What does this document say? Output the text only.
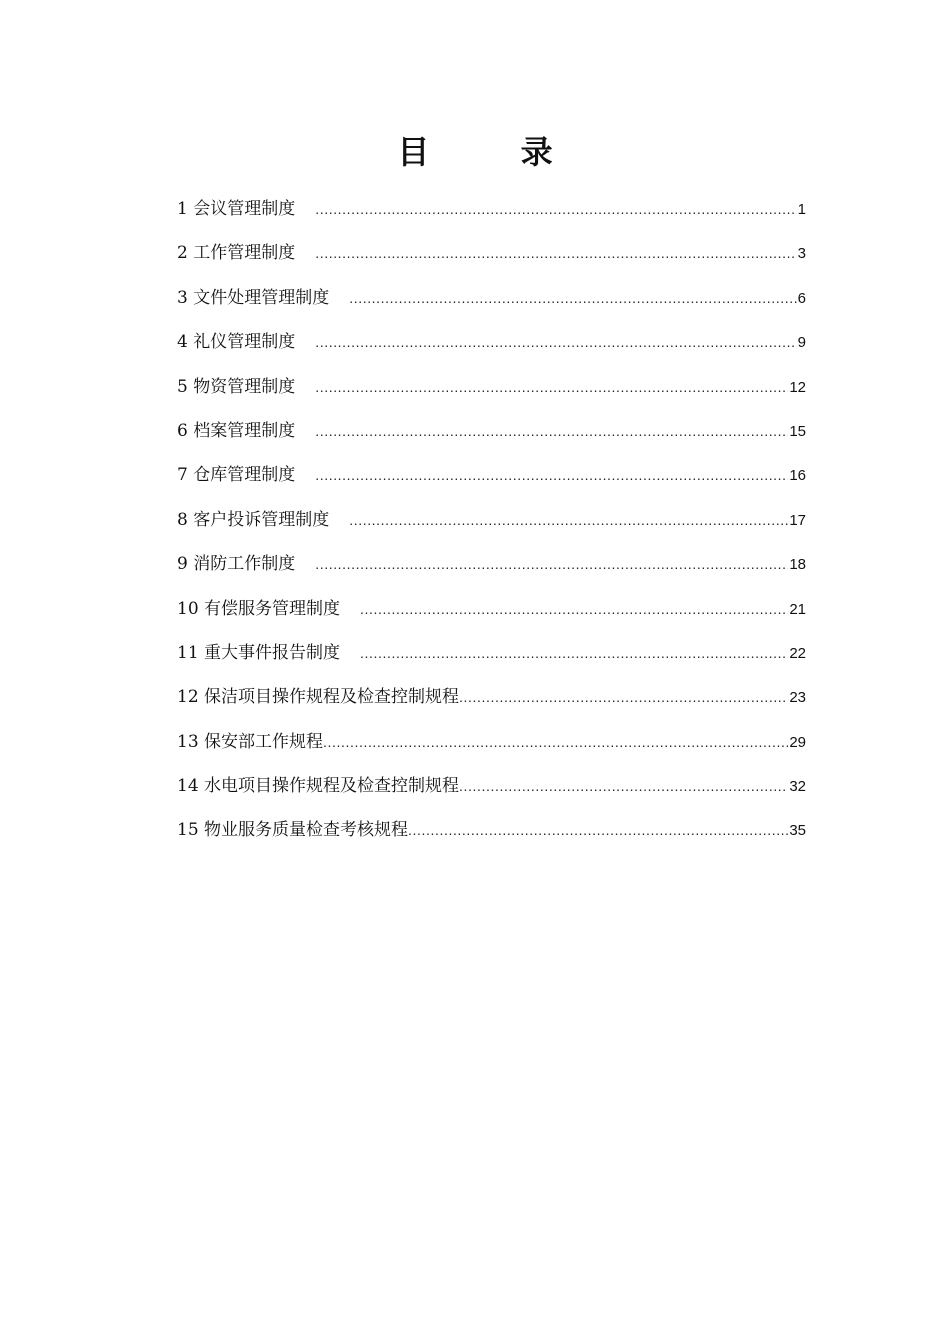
目 录
1 会议管理制度 .....	1
2 工作管理制度 .....	3
3 文件处理管理制度 .....	6
4 礼仪管理制度 .....	9
5 物资管理制度 .....	12
6 档案管理制度 .....	15
7 仓库管理制度 .....	16
8 客户投诉管理制度 .....	17
9 消防工作制度 .....	18
10 有偿服务管理制度 .....	21
11 重大事件报告制度 .....	22
12 保洁项目操作规程及检查控制规程 .....	23
13 保安部工作规程 .....	29
14 水电项目操作规程及检查控制规程 .....	32
15 物业服务质量检查考核规程 .....	35
